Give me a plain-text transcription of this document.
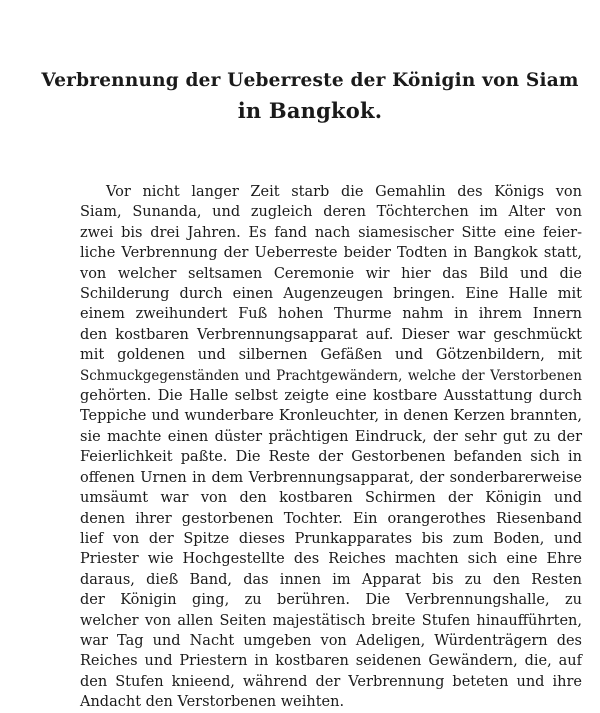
Verbrennung der Ueberreste der Königin von Siam
in Bangkok.
Vor nicht langer Zeit starb die Gemahlin des Königs von
Siam, Sunanda, und zugleich deren Töchterchen im Alter von
zwei bis drei Jahren. Es fand nach siamesischer Sitte eine feier-
liche Verbrennung der Ueberreste beider Todten in Bangkok statt,
von welcher seltsamen Ceremonie wir hier das Bild und die
Schilderung durch einen Augenzeugen bringen. Eine Halle mit
einem zweihundert Fuß hohen Thurme nahm in ihrem Innern
den kostbaren Verbrennungsapparat auf. Dieser war geschmückt
mit goldenen und silbernen Gefäßen und Götzenbildern, mit
Schmuckgegenständen und Prachtgewändern, welche der Verstorbenen
gehörten. Die Halle selbst zeigte eine kostbare Ausstattung durch
Teppiche und wunderbare Kronleuchter, in denen Kerzen brannten,
sie machte einen düster prächtigen Eindruck, der sehr gut zu der
Feierlichkeit paßte. Die Reste der Gestorbenen befanden sich in
offenen Urnen in dem Verbrennungsapparat, der sonderbarerweise
umsäumt war von den kostbaren Schirmen der Königin und
denen ihrer gestorbenen Tochter. Ein orangerothes Riesenband
lief von der Spitze dieses Prunkapparates bis zum Boden, und
Priester wie Hochgestellte des Reiches machten sich eine Ehre
daraus, dieß Band, das innen im Apparat bis zu den Resten
der Königin ging, zu berühren. Die Verbrennungshalle, zu
welcher von allen Seiten majestätisch breite Stufen hinaufführten,
war Tag und Nacht umgeben von Adeligen, Würdenträgern des
Reiches und Priestern in kostbaren seidenen Gewändern, die, auf
den Stufen knieend, während der Verbrennung beteten und ihre
Andacht den Verstorbenen weihten.
